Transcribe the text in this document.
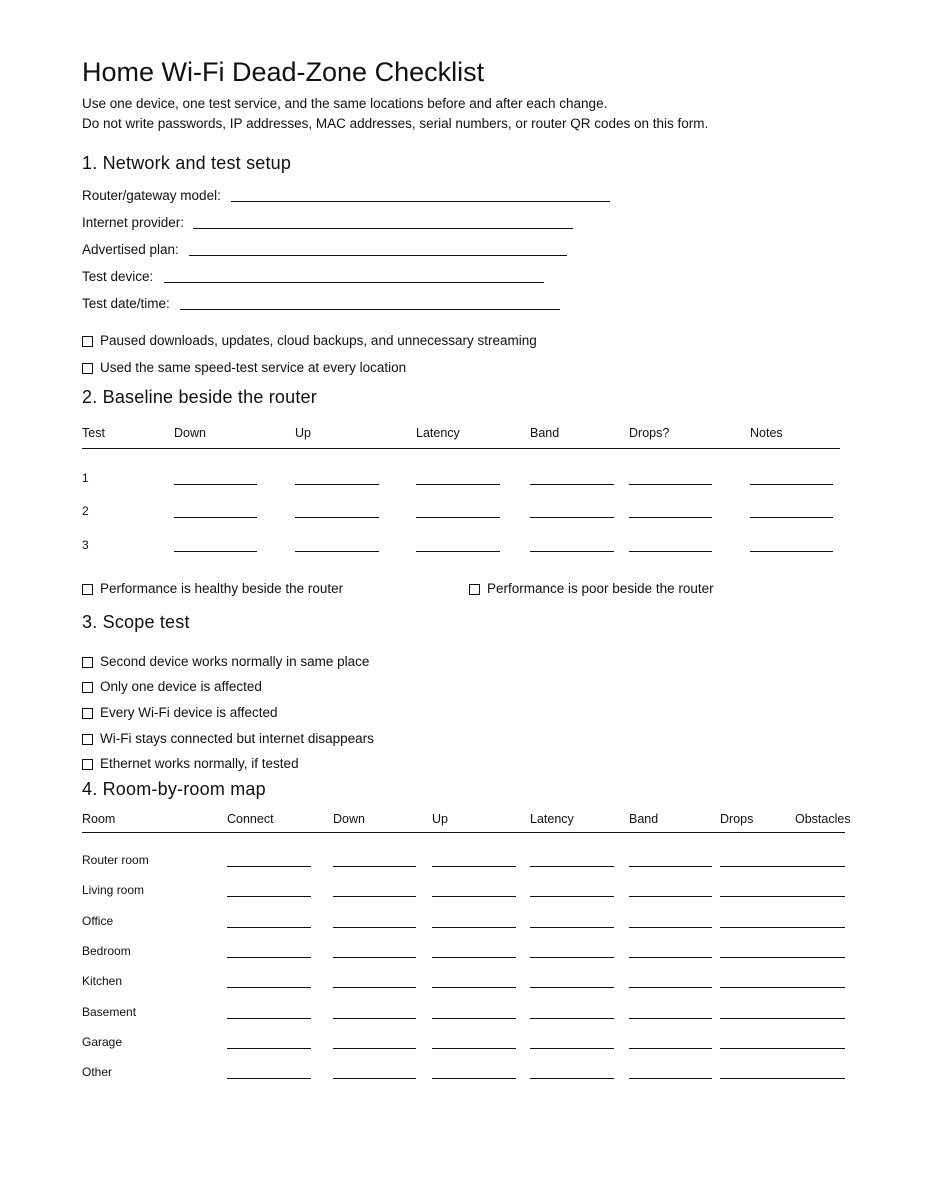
Home Wi-Fi Dead-Zone Checklist
Use one device, one test service, and the same locations before and after each change.
Do not write passwords, IP addresses, MAC addresses, serial numbers, or router QR codes on this form.
1. Network and test setup
Router/gateway model:
Internet provider:
Advertised plan:
Test device:
Test date/time:
Paused downloads, updates, cloud backups, and unnecessary streaming
Used the same speed-test service at every location
2. Baseline beside the router
Test	Down	Up	Latency	Band	Drops?	Notes
1
2
3
Performance is healthy beside the router	Performance is poor beside the router
3. Scope test
Second device works normally in same place
Only one device is affected
Every Wi-Fi device is affected
Wi-Fi stays connected but internet disappears
Ethernet works normally, if tested
4. Room-by-room map
Room	Connect	Down	Up	Latency	Band	Drops	Obstacles
Router room
Living room
Office
Bedroom
Kitchen
Basement
Garage
Other
